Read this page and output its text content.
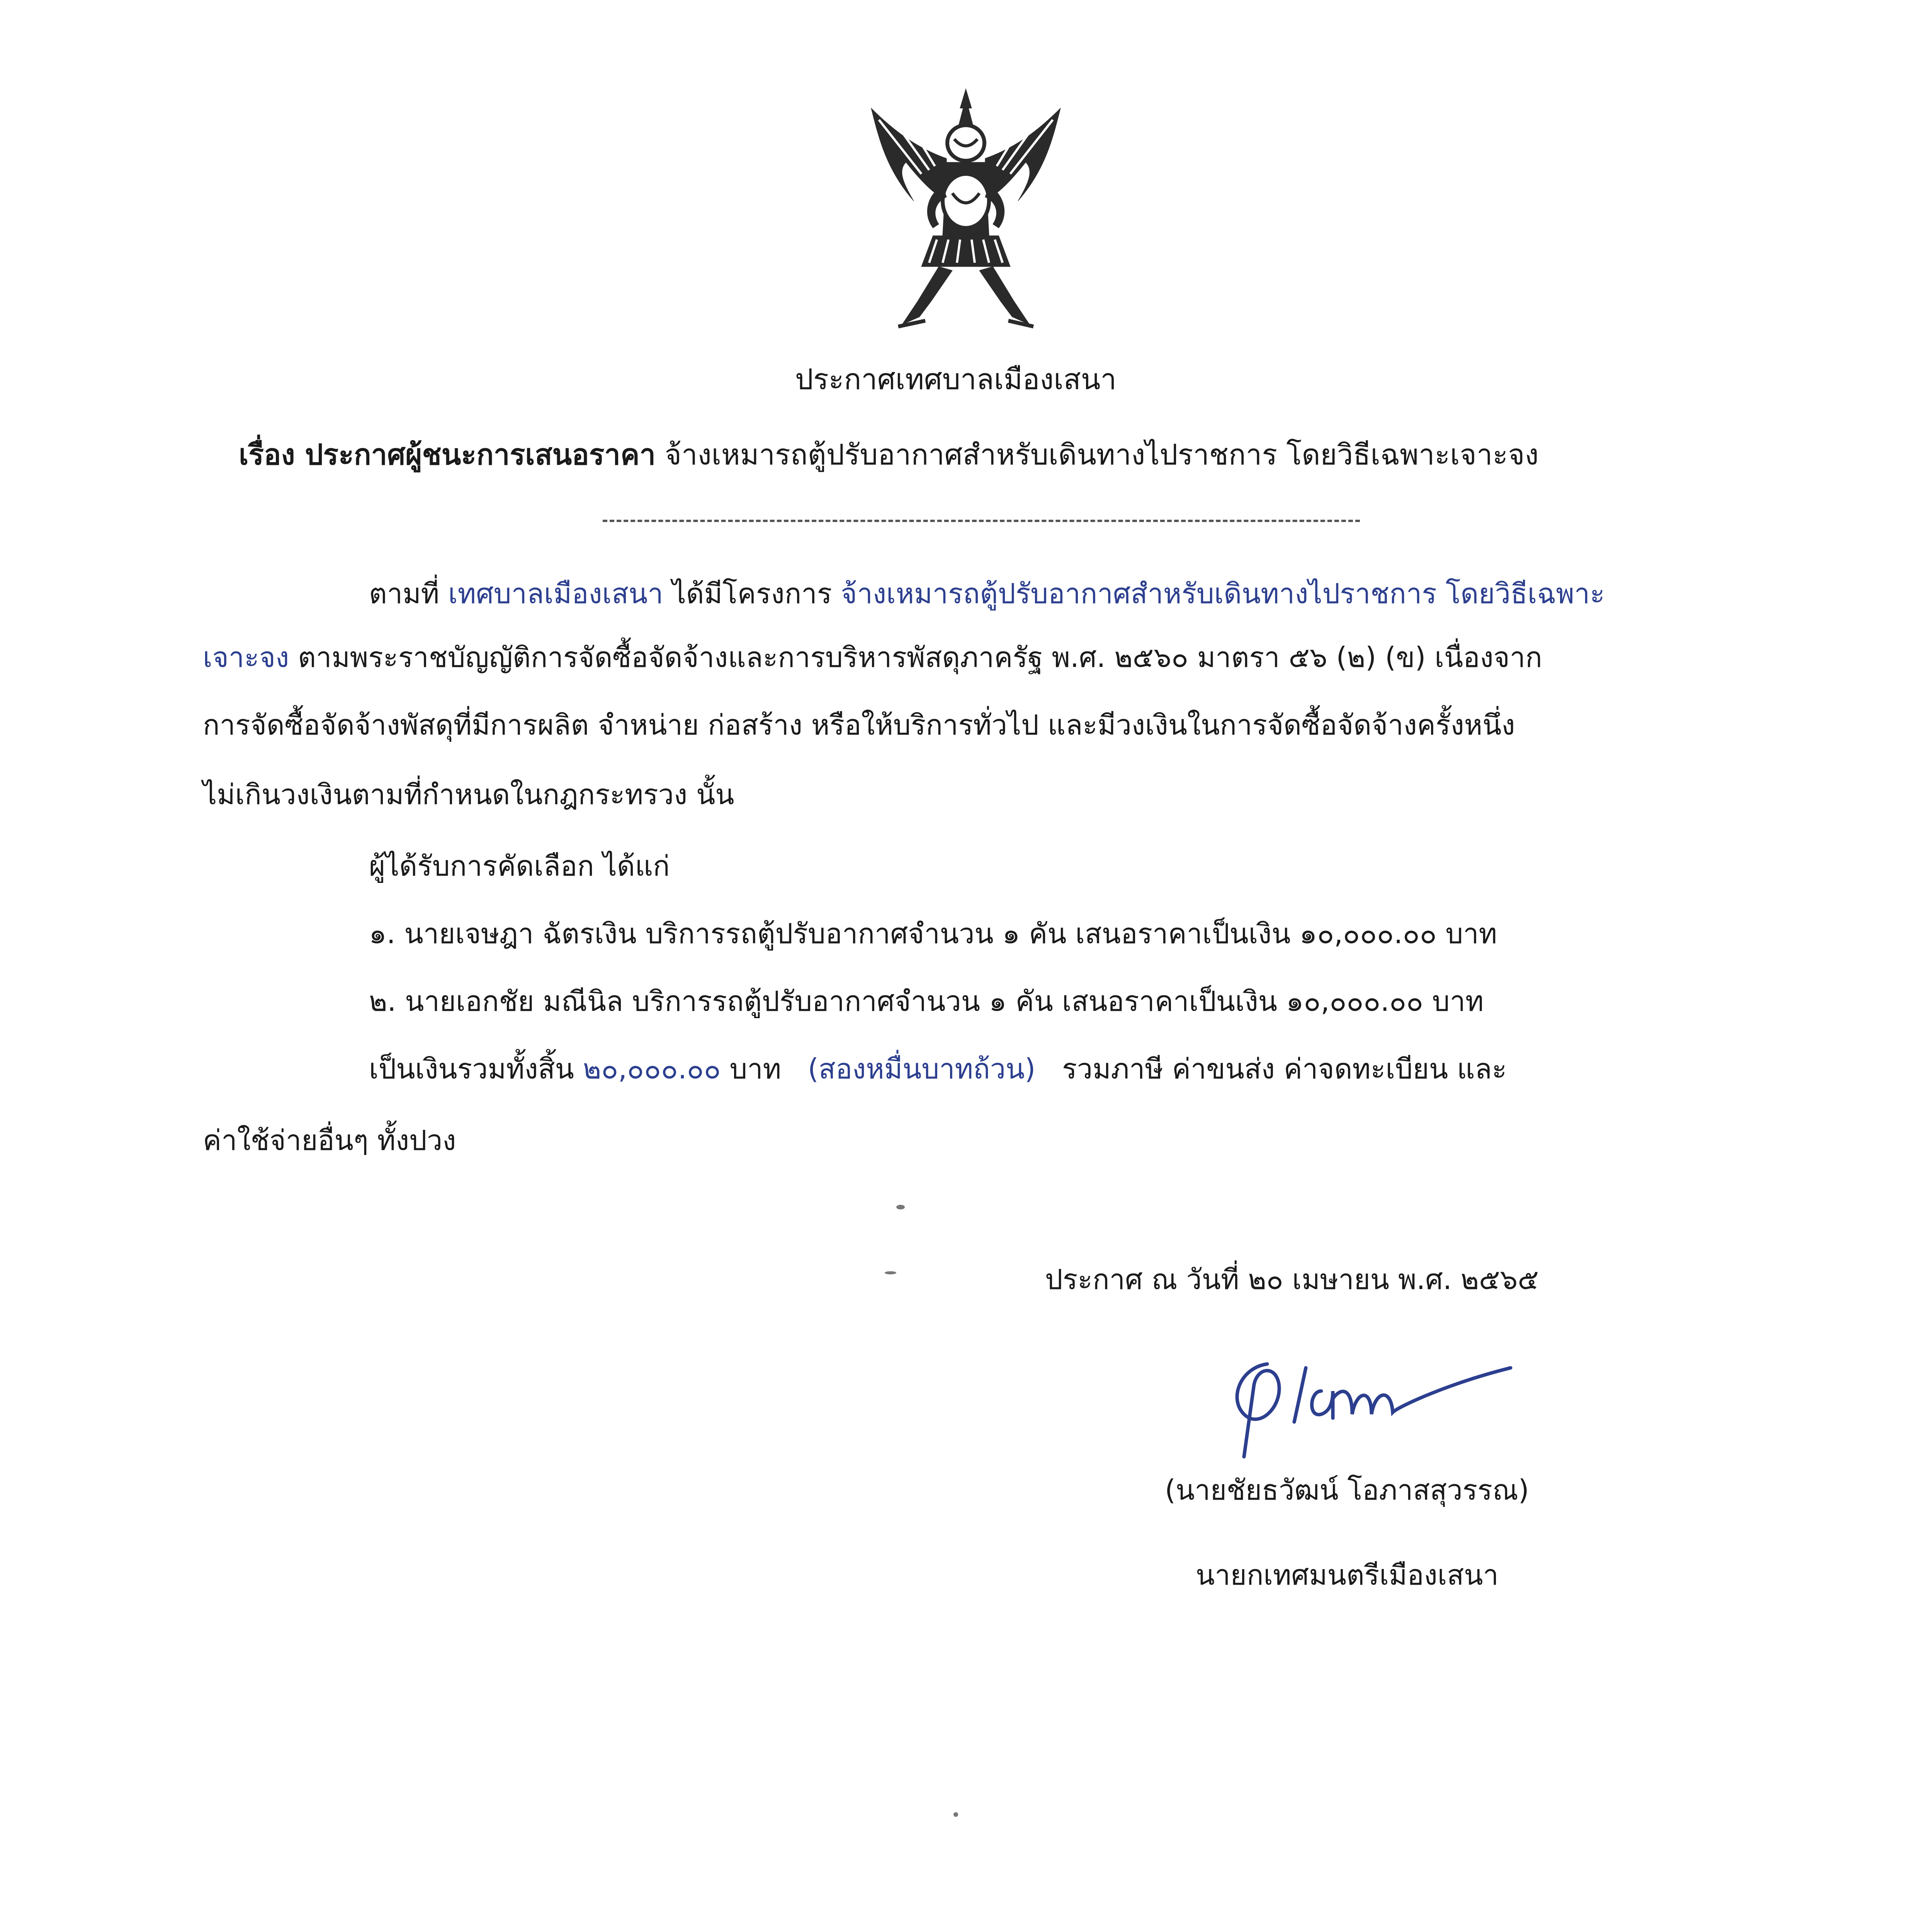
ประกาศเทศบาลเมืองเสนา
เรื่อง ประกาศผู้ชนะการเสนอราคา จ้างเหมารถตู้ปรับอากาศสำหรับเดินทางไปราชการ โดยวิธีเฉพาะเจาะจง
ตามที่ เทศบาลเมืองเสนา ได้มีโครงการ จ้างเหมารถตู้ปรับอากาศสำหรับเดินทางไปราชการ โดยวิธีเฉพาะ
เจาะจง ตามพระราชบัญญัติการจัดซื้อจัดจ้างและการบริหารพัสดุภาครัฐ พ.ศ. ๒๕๖๐ มาตรา ๕๖ (๒) (ข) เนื่องจาก
การจัดซื้อจัดจ้างพัสดุที่มีการผลิต จำหน่าย ก่อสร้าง หรือให้บริการทั่วไป และมีวงเงินในการจัดซื้อจัดจ้างครั้งหนึ่ง
ไม่เกินวงเงินตามที่กำหนดในกฎกระทรวง นั้น
ผู้ได้รับการคัดเลือก ได้แก่
๑. นายเจษฎา ฉัตรเงิน บริการรถตู้ปรับอากาศจำนวน ๑ คัน เสนอราคาเป็นเงิน ๑๐,๐๐๐.๐๐ บาท
๒. นายเอกชัย มณีนิล บริการรถตู้ปรับอากาศจำนวน ๑ คัน เสนอราคาเป็นเงิน ๑๐,๐๐๐.๐๐ บาท
เป็นเงินรวมทั้งสิ้น ๒๐,๐๐๐.๐๐ บาท (สองหมื่นบาทถ้วน) รวมภาษี ค่าขนส่ง ค่าจดทะเบียน และ
ค่าใช้จ่ายอื่นๆ ทั้งปวง
ประกาศ ณ วันที่ ๒๐ เมษายน พ.ศ. ๒๕๖๕
(นายชัยธวัฒน์ โอภาสสุวรรณ)
นายกเทศมนตรีเมืองเสนา
